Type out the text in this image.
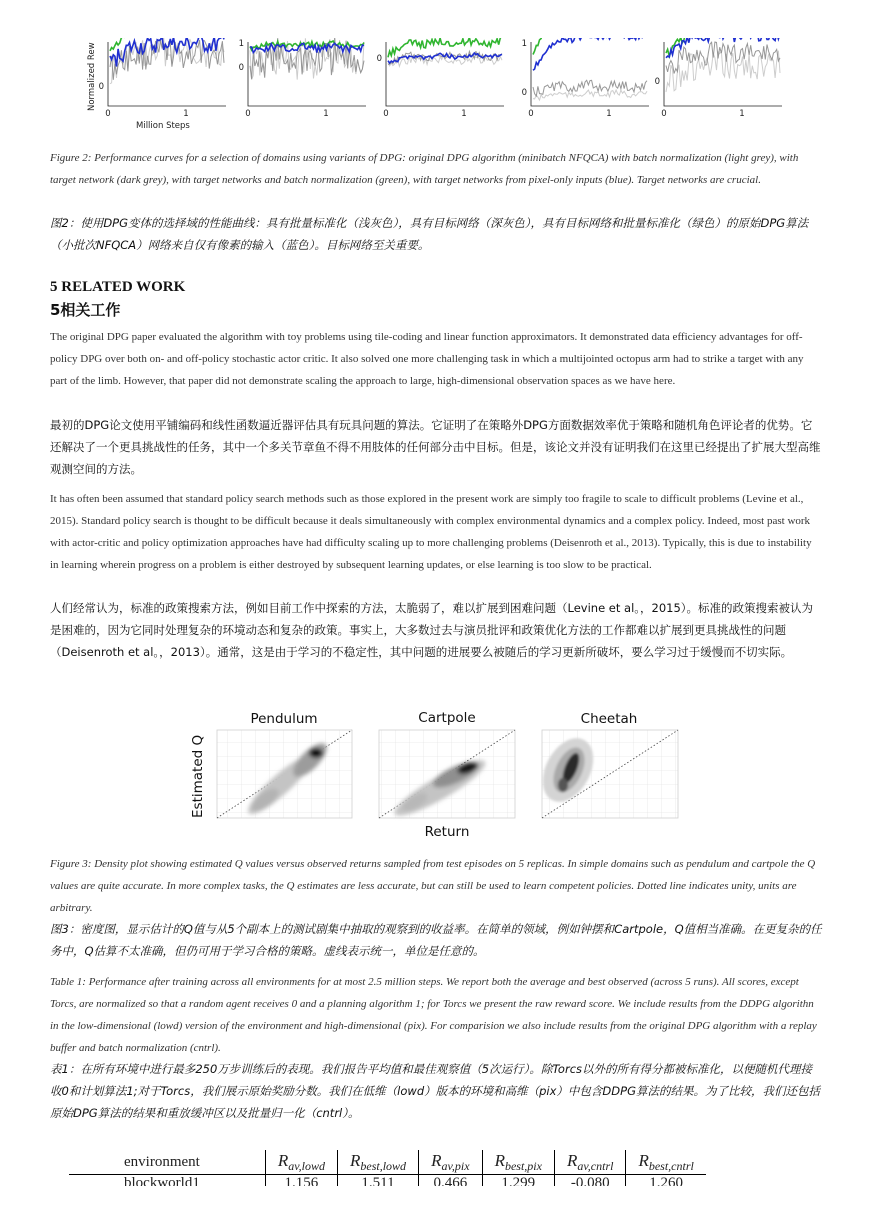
Normalized Rew
Million Steps
0	1
0
0	1
1
0
0	1
0
0	1
1
0
0	1
0
Figure 2: Performance curves for a selection of domains using variants of DPG: original DPG algorithm (minibatch NFQCA) with batch normalization (light grey), with target network (dark grey), with target networks and batch normalization (green), with target networks from pixel-only inputs (blue). Target networks are crucial.
图2：使用DPG变体的选择域的性能曲线：具有批量标准化（浅灰色），具有目标网络（深灰色），具有目标网络和批量标准化（绿色）的原始DPG算法（小批次NFQCA）网络来自仅有像素的输入（蓝色）。目标网络至关重要。
5 RELATED WORK
5相关工作
The original DPG paper evaluated the algorithm with toy problems using tile-coding and linear function approximators. It demonstrated data efficiency advantages for off-policy DPG over both on- and off-policy stochastic actor critic. It also solved one more challenging task in which a multijointed octopus arm had to strike a target with any part of the limb. However, that paper did not demonstrate scaling the approach to large, high-dimensional observation spaces as we have here.
最初的DPG论文使用平铺编码和线性函数逼近器评估具有玩具问题的算法。它证明了在策略外DPG方面数据效率优于策略和随机角色评论者的优势。它还解决了一个更具挑战性的任务，其中一个多关节章鱼不得不用肢体的任何部分击中目标。但是，该论文并没有证明我们在这里已经提出了扩展大型高维观测空间的方法。
It has often been assumed that standard policy search methods such as those explored in the present work are simply too fragile to scale to difficult problems (Levine et al., 2015). Standard policy search is thought to be difficult because it deals simultaneously with complex environmental dynamics and a complex policy. Indeed, most past work with actor-critic and policy optimization approaches have had difficulty scaling up to more challenging problems (Deisenroth et al., 2013). Typically, this is due to instability in learning wherein progress on a problem is either destroyed by subsequent learning updates, or else learning is too slow to be practical.
人们经常认为，标准的政策搜索方法，例如目前工作中探索的方法，太脆弱了，难以扩展到困难问题（Levine et al。，2015）。标准的政策搜索被认为是困难的，因为它同时处理复杂的环境动态和复杂的政策。事实上，大多数过去与演员批评和政策优化方法的工作都难以扩展到更具挑战性的问题（Deisenroth et al。，2013）。通常，这是由于学习的不稳定性，其中问题的进展要么被随后的学习更新所破坏，要么学习过于缓慢而不切实际。
Pendulum	Cartpole	Cheetah
Estimated Q
Return
Figure 3: Density plot showing estimated Q values versus observed returns sampled from test episodes on 5 replicas. In simple domains such as pendulum and cartpole the Q values are quite accurate. In more complex tasks, the Q estimates are less accurate, but can still be used to learn competent policies. Dotted line indicates unity, units are arbitrary.
图3：密度图，显示估计的Q值与从5个副本上的测试剧集中抽取的观察到的收益率。在简单的领域，例如钟摆和Cartpole，Q值相当准确。在更复杂的任务中，Q估算不太准确，但仍可用于学习合格的策略。虚线表示统一，单位是任意的。
Table 1: Performance after training across all environments for at most 2.5 million steps. We report both the average and best observed (across 5 runs). All scores, except Torcs, are normalized so that a random agent receives 0 and a planning algorithm 1; for Torcs we present the raw reward score. We include results from the DDPG algorithn in the low-dimensional (lowd) version of the environment and high-dimensional (pix). For comparision we also include results from the original DPG algorithm with a replay buffer and batch normalization (cntrl).
表1：在所有环境中进行最多250万步训练后的表现。我们报告平均值和最佳观察值（5次运行）。除Torcs以外的所有得分都被标准化，以便随机代理接收0和计划算法1;对于Torcs，我们展示原始奖励分数。我们在低维（lowd）版本的环境和高维（pix）中包含DDPG算法的结果。为了比较，我们还包括原始DPG算法的结果和重放缓冲区以及批量归一化（cntrl）。
environment	$R_{av,lowd}$	$R_{best,lowd}$	$R_{av,pix}$	$R_{best,pix}$	$R_{av,cntrl}$	$R_{best,cntrl}$
blockworld1	1.156	1.511	0.466	1.299	-0.080	1.260
